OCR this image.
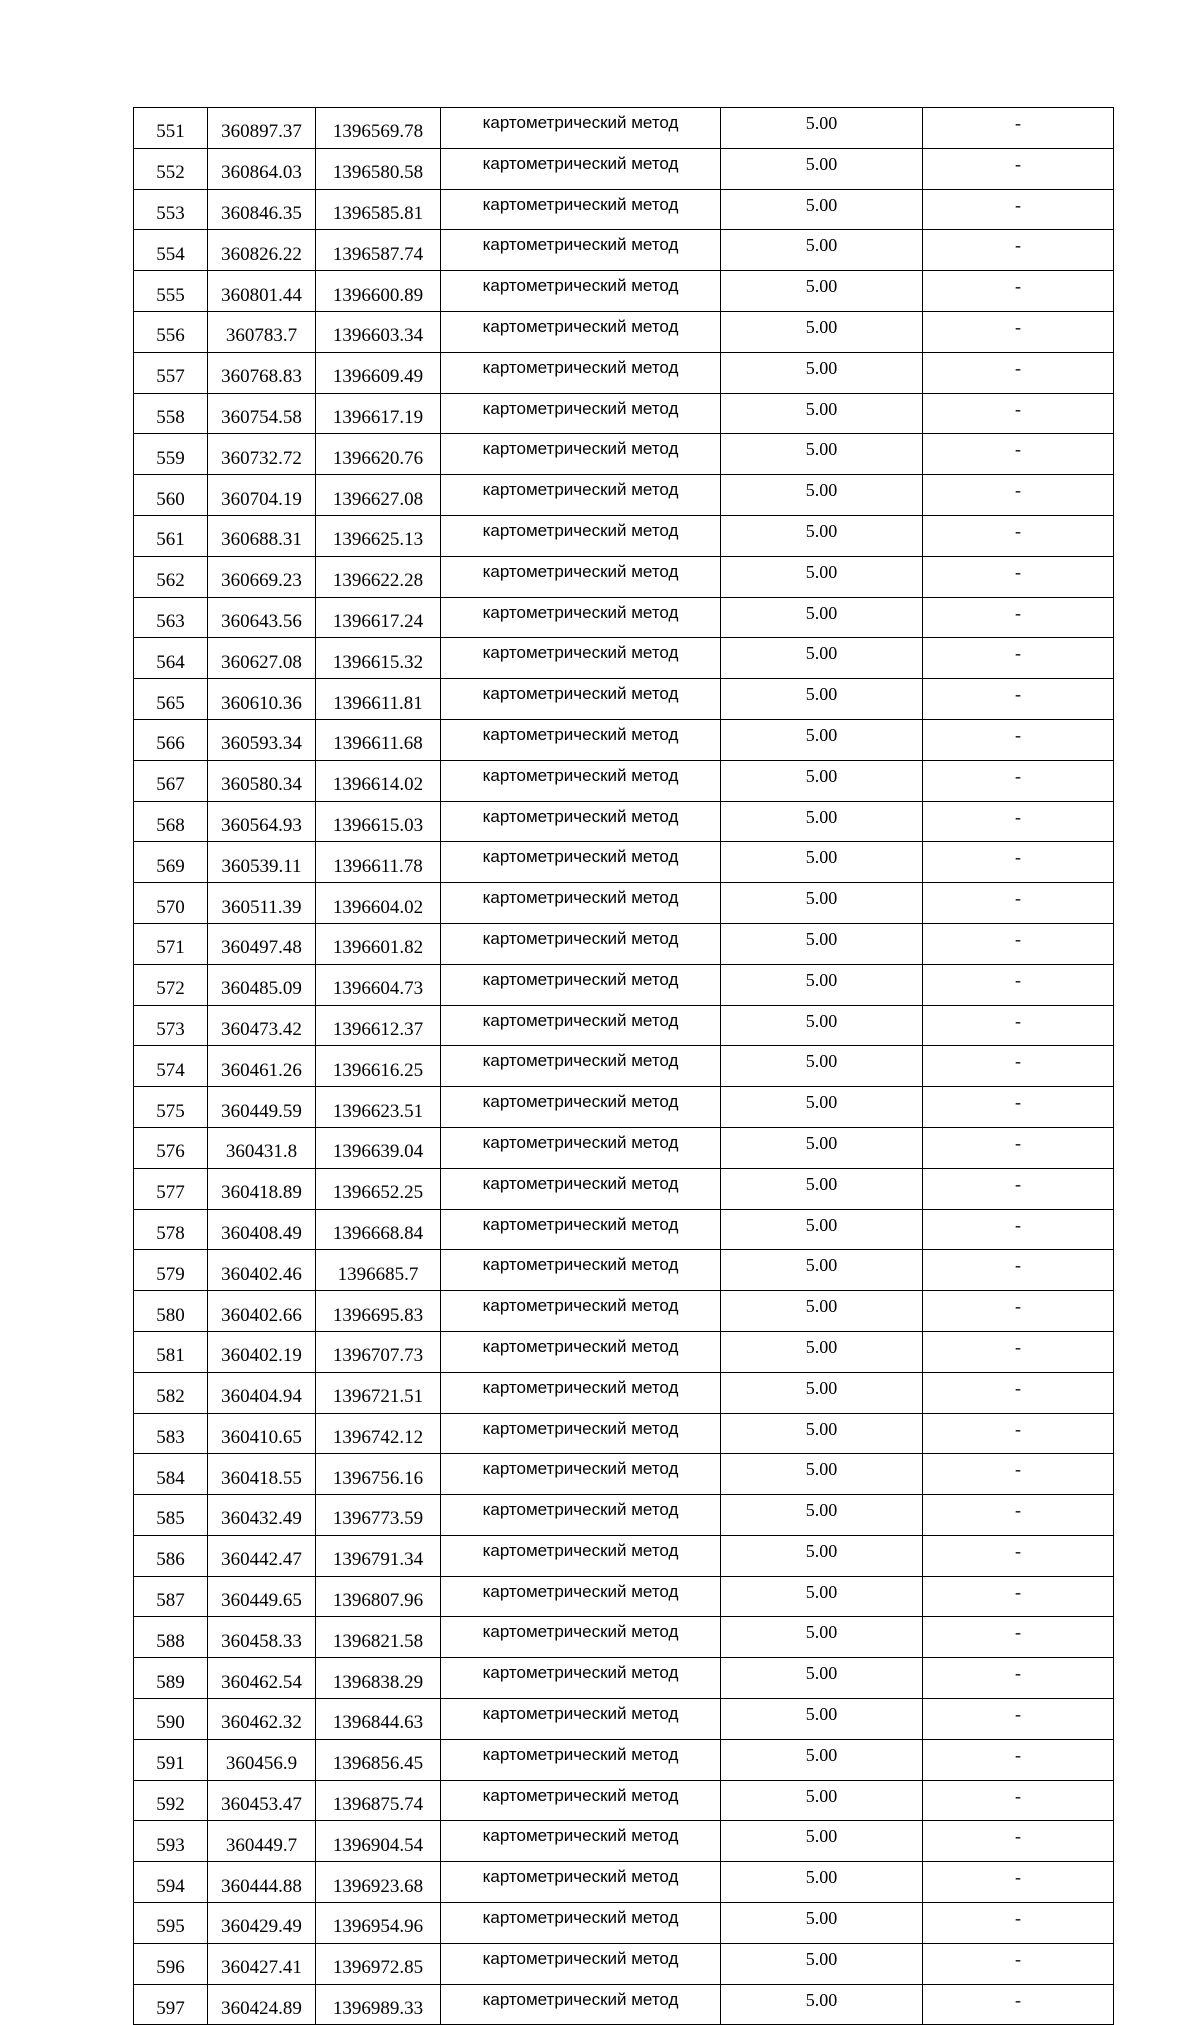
551	360897.37	1396569.78	картометрический метод	5.00	-
552	360864.03	1396580.58	картометрический метод	5.00	-
553	360846.35	1396585.81	картометрический метод	5.00	-
554	360826.22	1396587.74	картометрический метод	5.00	-
555	360801.44	1396600.89	картометрический метод	5.00	-
556	360783.7	1396603.34	картометрический метод	5.00	-
557	360768.83	1396609.49	картометрический метод	5.00	-
558	360754.58	1396617.19	картометрический метод	5.00	-
559	360732.72	1396620.76	картометрический метод	5.00	-
560	360704.19	1396627.08	картометрический метод	5.00	-
561	360688.31	1396625.13	картометрический метод	5.00	-
562	360669.23	1396622.28	картометрический метод	5.00	-
563	360643.56	1396617.24	картометрический метод	5.00	-
564	360627.08	1396615.32	картометрический метод	5.00	-
565	360610.36	1396611.81	картометрический метод	5.00	-
566	360593.34	1396611.68	картометрический метод	5.00	-
567	360580.34	1396614.02	картометрический метод	5.00	-
568	360564.93	1396615.03	картометрический метод	5.00	-
569	360539.11	1396611.78	картометрический метод	5.00	-
570	360511.39	1396604.02	картометрический метод	5.00	-
571	360497.48	1396601.82	картометрический метод	5.00	-
572	360485.09	1396604.73	картометрический метод	5.00	-
573	360473.42	1396612.37	картометрический метод	5.00	-
574	360461.26	1396616.25	картометрический метод	5.00	-
575	360449.59	1396623.51	картометрический метод	5.00	-
576	360431.8	1396639.04	картометрический метод	5.00	-
577	360418.89	1396652.25	картометрический метод	5.00	-
578	360408.49	1396668.84	картометрический метод	5.00	-
579	360402.46	1396685.7	картометрический метод	5.00	-
580	360402.66	1396695.83	картометрический метод	5.00	-
581	360402.19	1396707.73	картометрический метод	5.00	-
582	360404.94	1396721.51	картометрический метод	5.00	-
583	360410.65	1396742.12	картометрический метод	5.00	-
584	360418.55	1396756.16	картометрический метод	5.00	-
585	360432.49	1396773.59	картометрический метод	5.00	-
586	360442.47	1396791.34	картометрический метод	5.00	-
587	360449.65	1396807.96	картометрический метод	5.00	-
588	360458.33	1396821.58	картометрический метод	5.00	-
589	360462.54	1396838.29	картометрический метод	5.00	-
590	360462.32	1396844.63	картометрический метод	5.00	-
591	360456.9	1396856.45	картометрический метод	5.00	-
592	360453.47	1396875.74	картометрический метод	5.00	-
593	360449.7	1396904.54	картометрический метод	5.00	-
594	360444.88	1396923.68	картометрический метод	5.00	-
595	360429.49	1396954.96	картометрический метод	5.00	-
596	360427.41	1396972.85	картометрический метод	5.00	-
597	360424.89	1396989.33	картометрический метод	5.00	-
